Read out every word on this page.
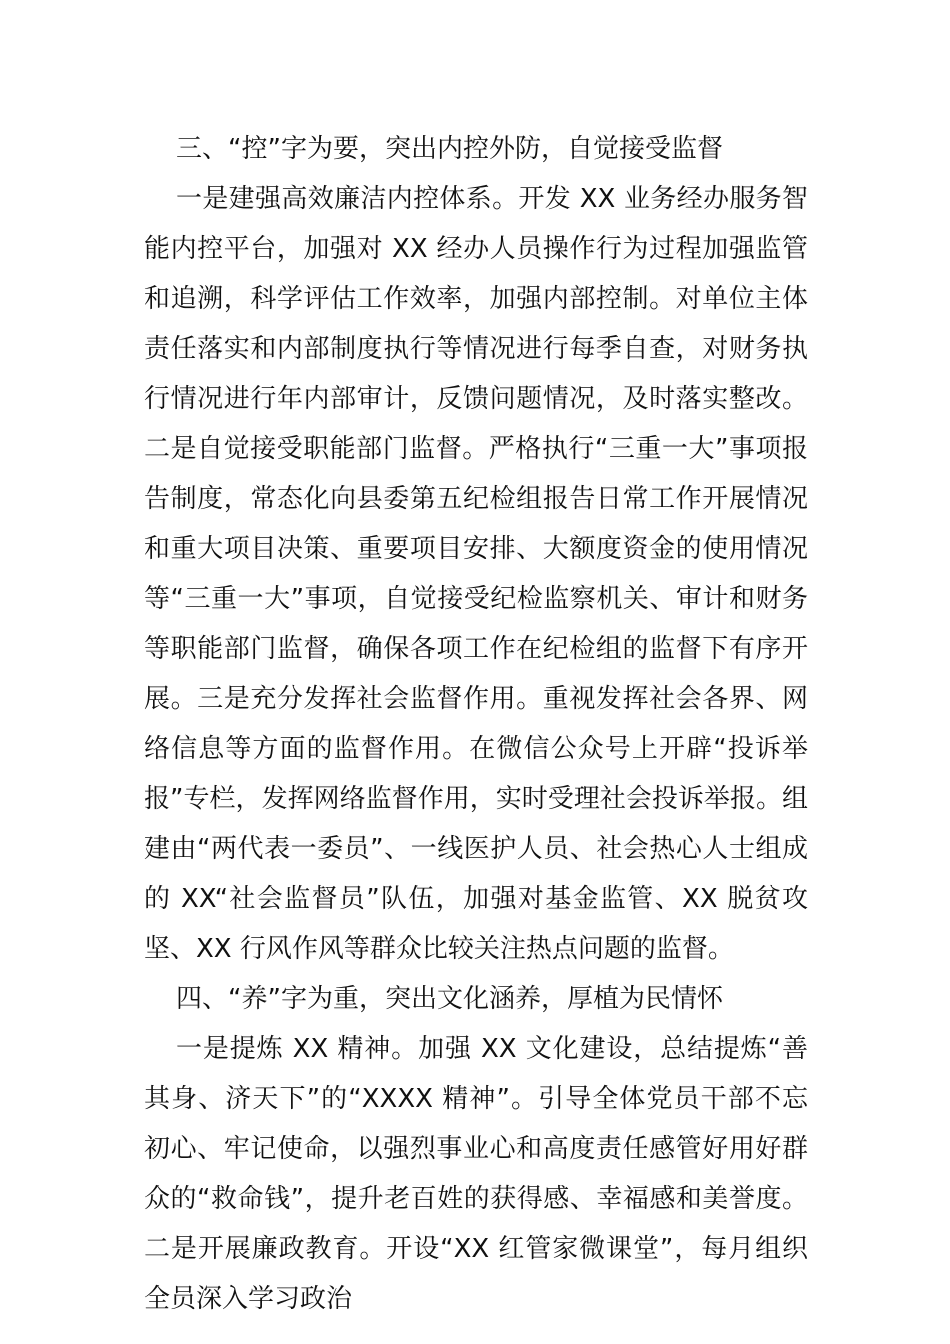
三、“控”字为要，突出内控外防，自觉接受监督

一是建强高效廉洁内控体系。开发 XX 业务经办服务智能内控平台，加强对 XX 经办人员操作行为过程加强监管和追溯，科学评估工作效率，加强内部控制。对单位主体责任落实和内部制度执行等情况进行每季自查，对财务执行情况进行年内部审计，反馈问题情况，及时落实整改。二是自觉接受职能部门监督。严格执行“三重一大”事项报告制度，常态化向县委第五纪检组报告日常工作开展情况和重大项目决策、重要项目安排、大额度资金的使用情况等“三重一大”事项，自觉接受纪检监察机关、审计和财务等职能部门监督，确保各项工作在纪检组的监督下有序开展。三是充分发挥社会监督作用。重视发挥社会各界、网络信息等方面的监督作用。在微信公众号上开辟“投诉举报”专栏，发挥网络监督作用，实时受理社会投诉举报。组建由“两代表一委员”、一线医护人员、社会热心人士组成的 XX“社会监督员”队伍，加强对基金监管、XX 脱贫攻坚、XX 行风作风等群众比较关注热点问题的监督。

四、“养”字为重，突出文化涵养，厚植为民情怀

一是提炼 XX 精神。加强 XX 文化建设，总结提炼“善其身、济天下”的“XXXX 精神”。引导全体党员干部不忘初心、牢记使命，以强烈事业心和高度责任感管好用好群众的“救命钱”，提升老百姓的获得感、幸福感和美誉度。二是开展廉政教育。开设“XX 红管家微课堂”，每月组织全员深入学习政治
